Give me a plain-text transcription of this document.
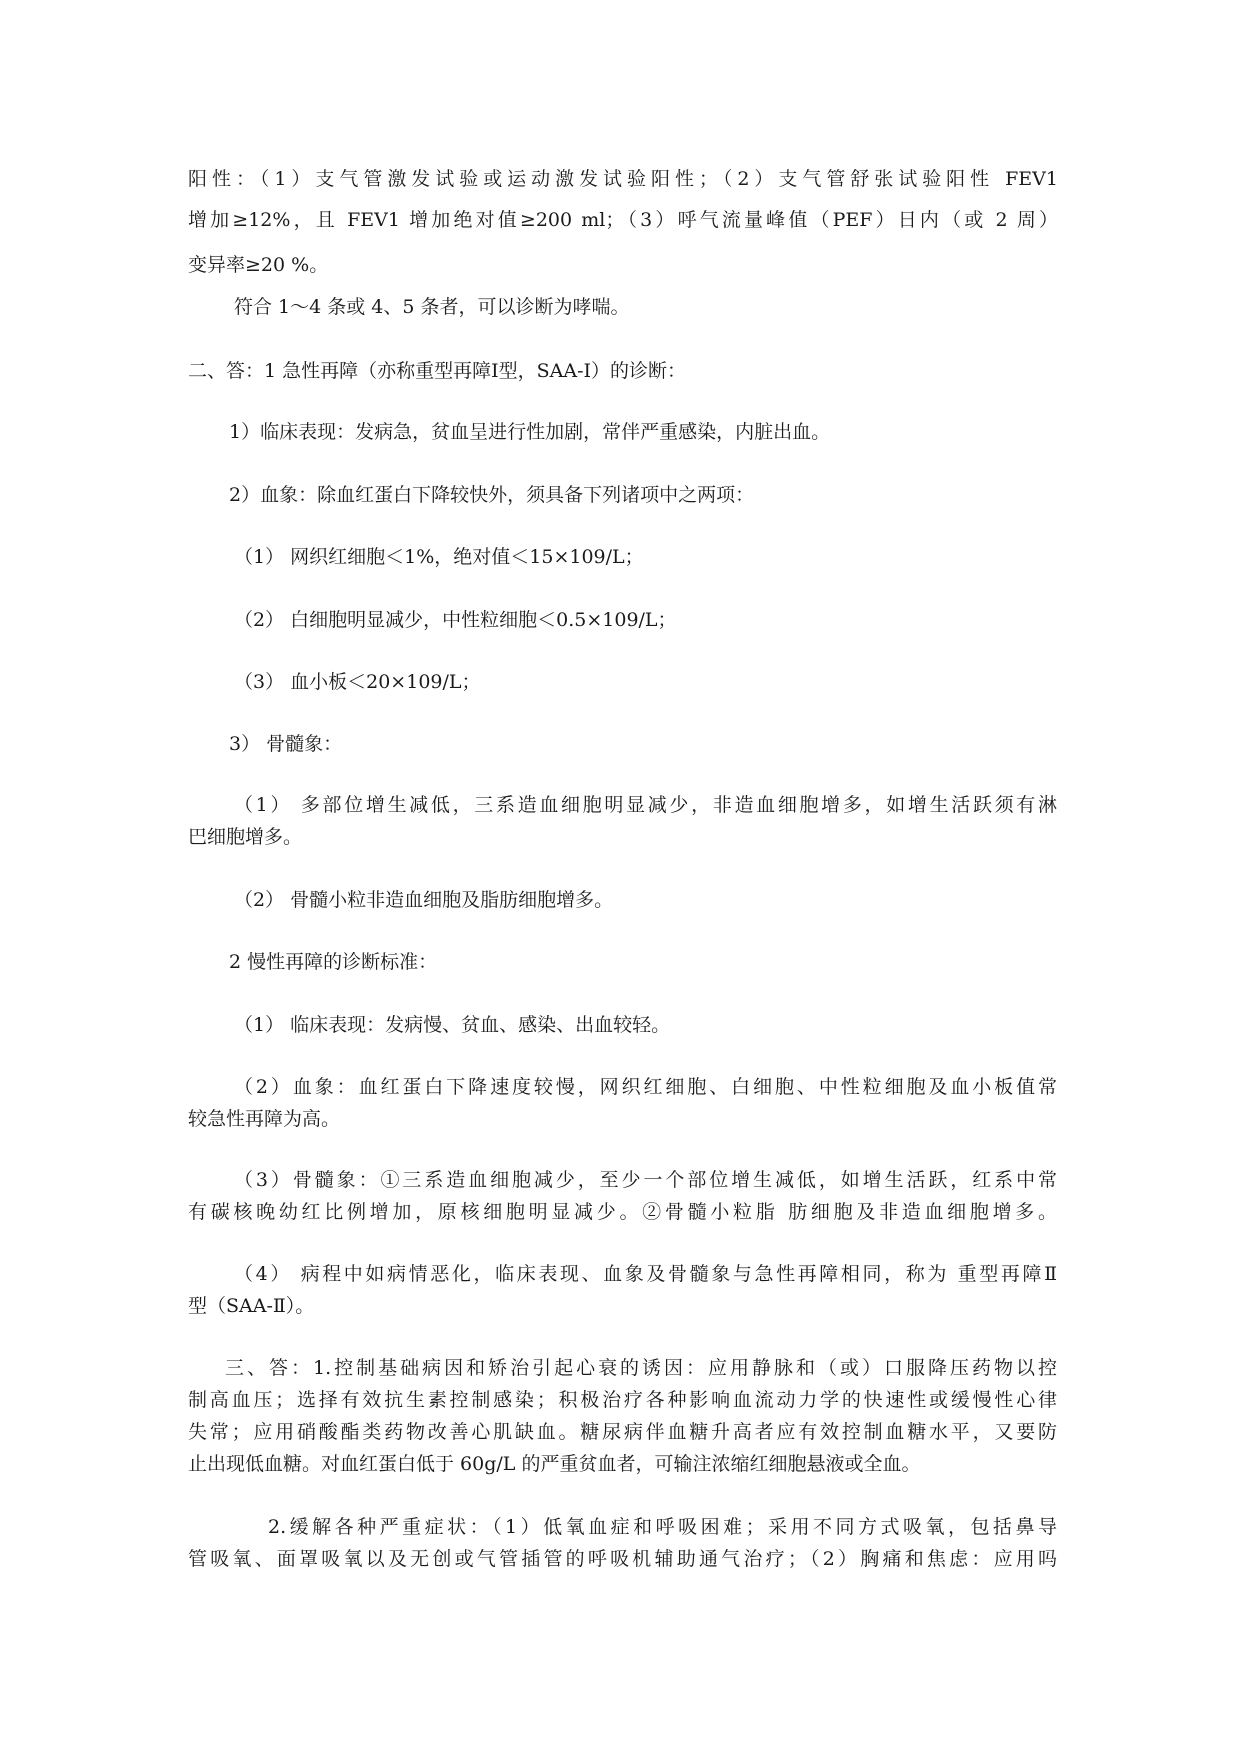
阳性：（1）支气管激发试验或运动激发试验阳性；（2）支气管舒张试验阳性 FEV1
增加≥12%，且 FEV1 增加绝对值≥200 ml；（3）呼气流量峰值（PEF）日内（或 2 周）
变异率≥20 %。
符合 1～4 条或 4、5 条者，可以诊断为哮喘。
二、答：1 急性再障（亦称重型再障Ⅰ型，SAA-Ⅰ）的诊断：
1）临床表现：发病急，贫血呈进行性加剧，常伴严重感染，内脏出血。
2）血象：除血红蛋白下降较快外，须具备下列诸项中之两项：
（1） 网织红细胞＜1%，绝对值＜15×109/L；
（2） 白细胞明显减少，中性粒细胞＜0.5×109/L；
（3） 血小板＜20×109/L；
3） 骨髓象：
（1） 多部位增生减低，三系造血细胞明显减少，非造血细胞增多，如增生活跃须有淋
巴细胞增多。
（2） 骨髓小粒非造血细胞及脂肪细胞增多。
2 慢性再障的诊断标准：
（1） 临床表现：发病慢、贫血、感染、出血较轻。
（2）血象：血红蛋白下降速度较慢，网织红细胞、白细胞、中性粒细胞及血小板值常
较急性再障为高。
（3）骨髓象：①三系造血细胞减少，至少一个部位增生减低，如增生活跃，红系中常
有碳核晚幼红比例增加，原核细胞明显减少。②骨髓小粒脂 肪细胞及非造血细胞增多。
（4） 病程中如病情恶化，临床表现、血象及骨髓象与急性再障相同，称为 重型再障Ⅱ
型（SAA-Ⅱ）。
三、答：1.控制基础病因和矫治引起心衰的诱因：应用静脉和（或）口服降压药物以控
制高血压；选择有效抗生素控制感染；积极治疗各种影响血流动力学的快速性或缓慢性心律
失常；应用硝酸酯类药物改善心肌缺血。糖尿病伴血糖升高者应有效控制血糖水平，又要防
止出现低血糖。对血红蛋白低于 60g/L 的严重贫血者，可输注浓缩红细胞悬液或全血。
2.缓解各种严重症状：（1）低氧血症和呼吸困难；采用不同方式吸氧，包括鼻导
管吸氧、面罩吸氧以及无创或气管插管的呼吸机辅助通气治疗；（2）胸痛和焦虑：应用吗
